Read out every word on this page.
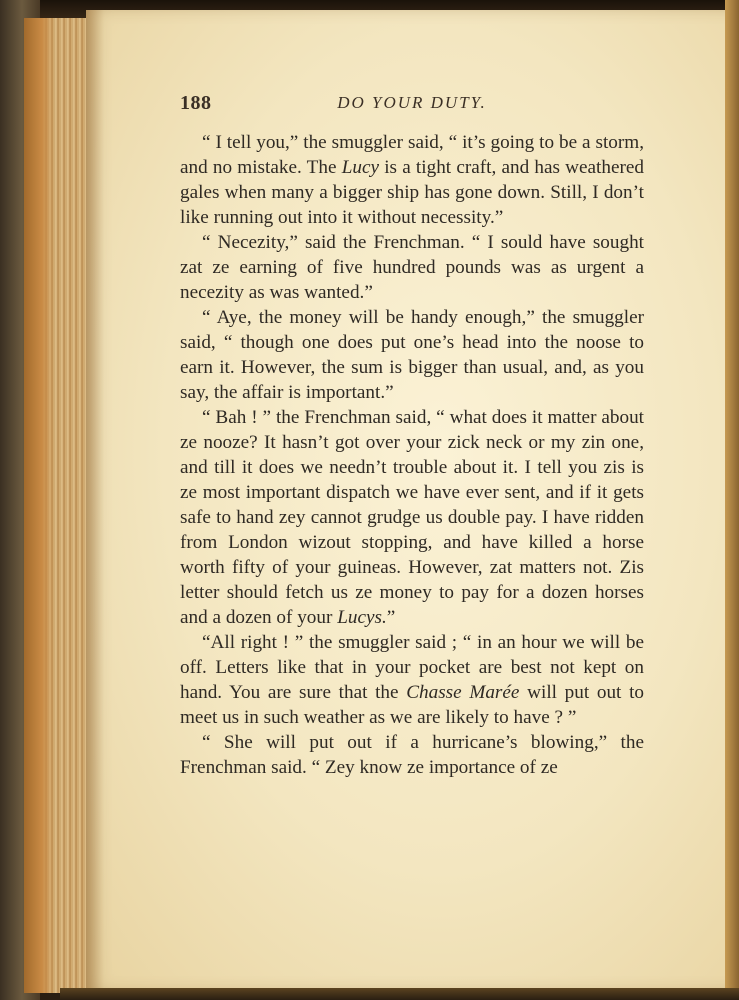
188	DO YOUR DUTY.

“ I tell you,” the smuggler said, “ it’s going to be a storm, and no mistake. The Lucy is a tight craft, and has weathered gales when many a bigger ship has gone down. Still, I don’t like running out into it without necessity.”

“ Necezity,” said the Frenchman. “ I sould have sought zat ze earning of five hundred pounds was as urgent a necezity as was wanted.”

“ Aye, the money will be handy enough,” the smuggler said, “ though one does put one’s head into the noose to earn it. However, the sum is bigger than usual, and, as you say, the affair is important.”

“ Bah ! ” the Frenchman said, “ what does it matter about ze nooze? It hasn’t got over your zick neck or my zin one, and till it does we needn’t trouble about it. I tell you zis is ze most important dispatch we have ever sent, and if it gets safe to hand zey cannot grudge us double pay. I have ridden from London wizout stopping, and have killed a horse worth fifty of your guineas. However, zat matters not. Zis letter should fetch us ze money to pay for a dozen horses and a dozen of your Lucys.”

“All right ! ” the smuggler said ; “ in an hour we will be off. Letters like that in your pocket are best not kept on hand. You are sure that the Chasse Marée will put out to meet us in such weather as we are likely to have ? ”

“ She will put out if a hurricane’s blowing,” the Frenchman said. “ Zey know ze importance of ze
